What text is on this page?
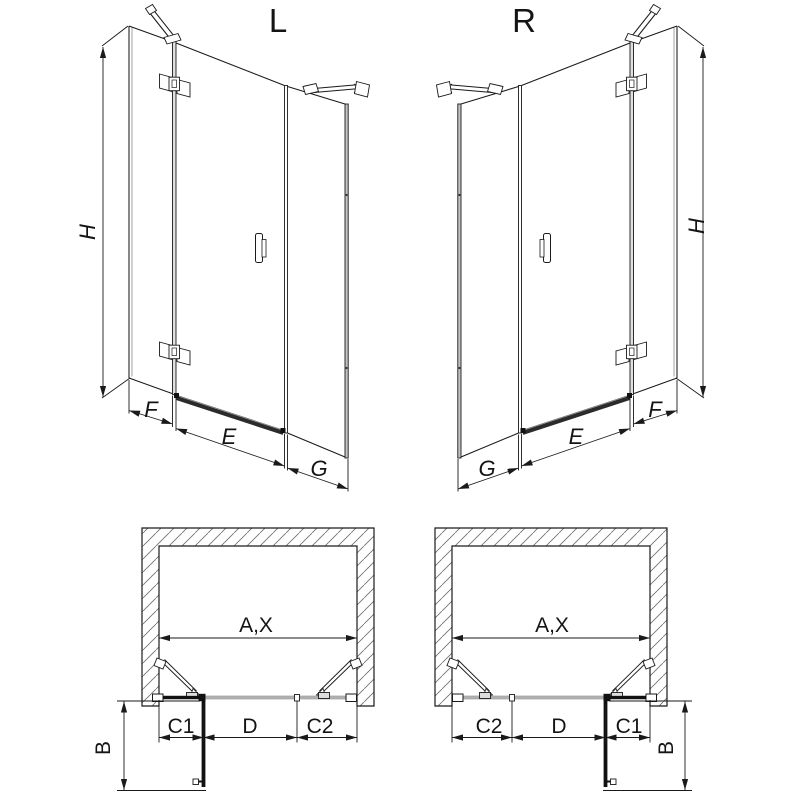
L	R
H
F
E
G
H
G
E
F
A,X
C1 D C2
B
A,X
C2 D C1
B
